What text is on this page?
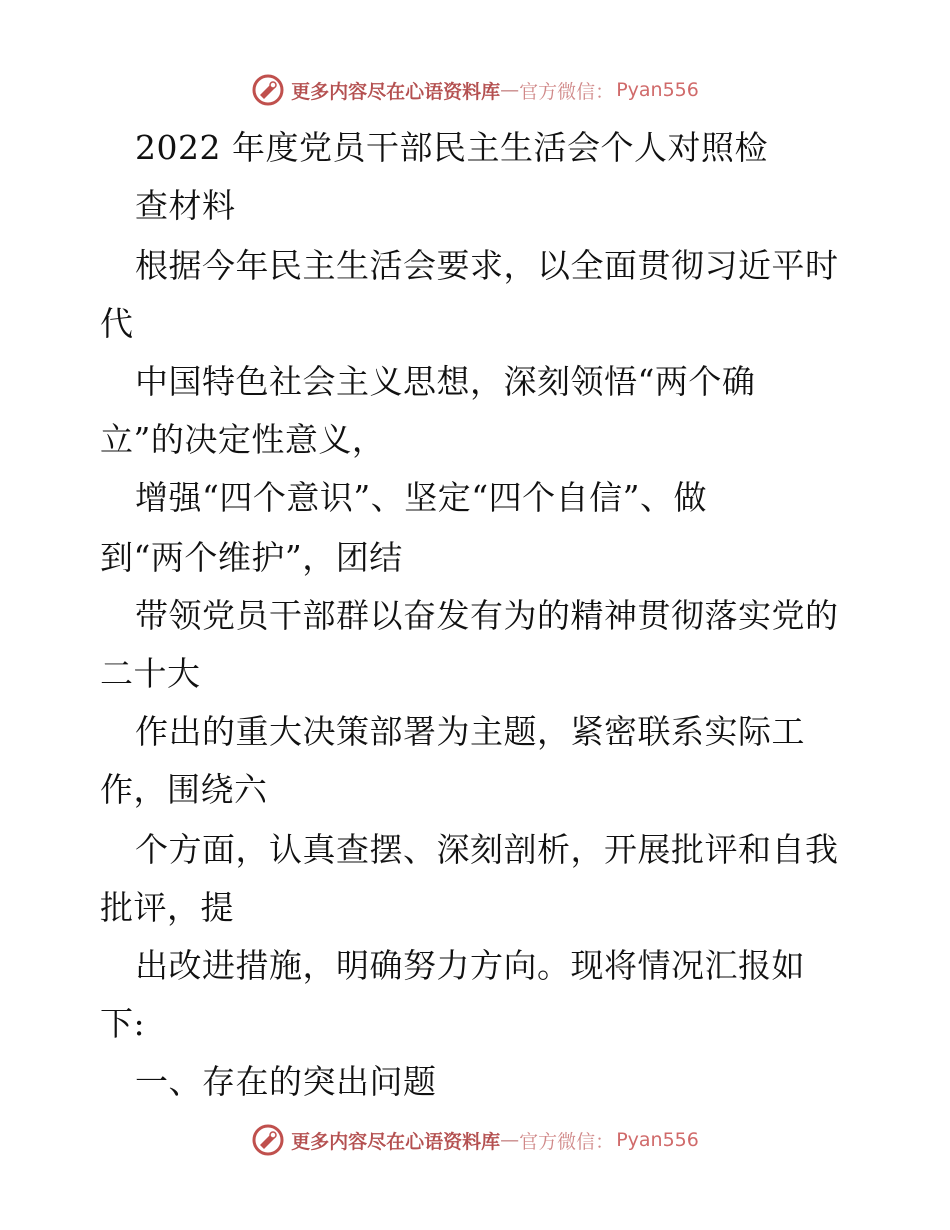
更多内容尽在心语资料库 — 官方微信： Pyan556
2022 年度党员干部民主生活会个人对照检
查材料
根据今年民主生活会要求，以全面贯彻习近平时
代
中国特色社会主义思想，深刻领悟“两个确
立”的决定性意义，
增强“四个意识”、坚定“四个自信”、做
到“两个维护”，团结
带领党员干部群以奋发有为的精神贯彻落实党的
二十大
作出的重大决策部署为主题，紧密联系实际工
作，围绕六
个方面，认真查摆、深刻剖析，开展批评和自我
批评，提
出改进措施，明确努力方向。现将情况汇报如
下:
一、存在的突出问题
更多内容尽在心语资料库 — 官方微信： Pyan556
